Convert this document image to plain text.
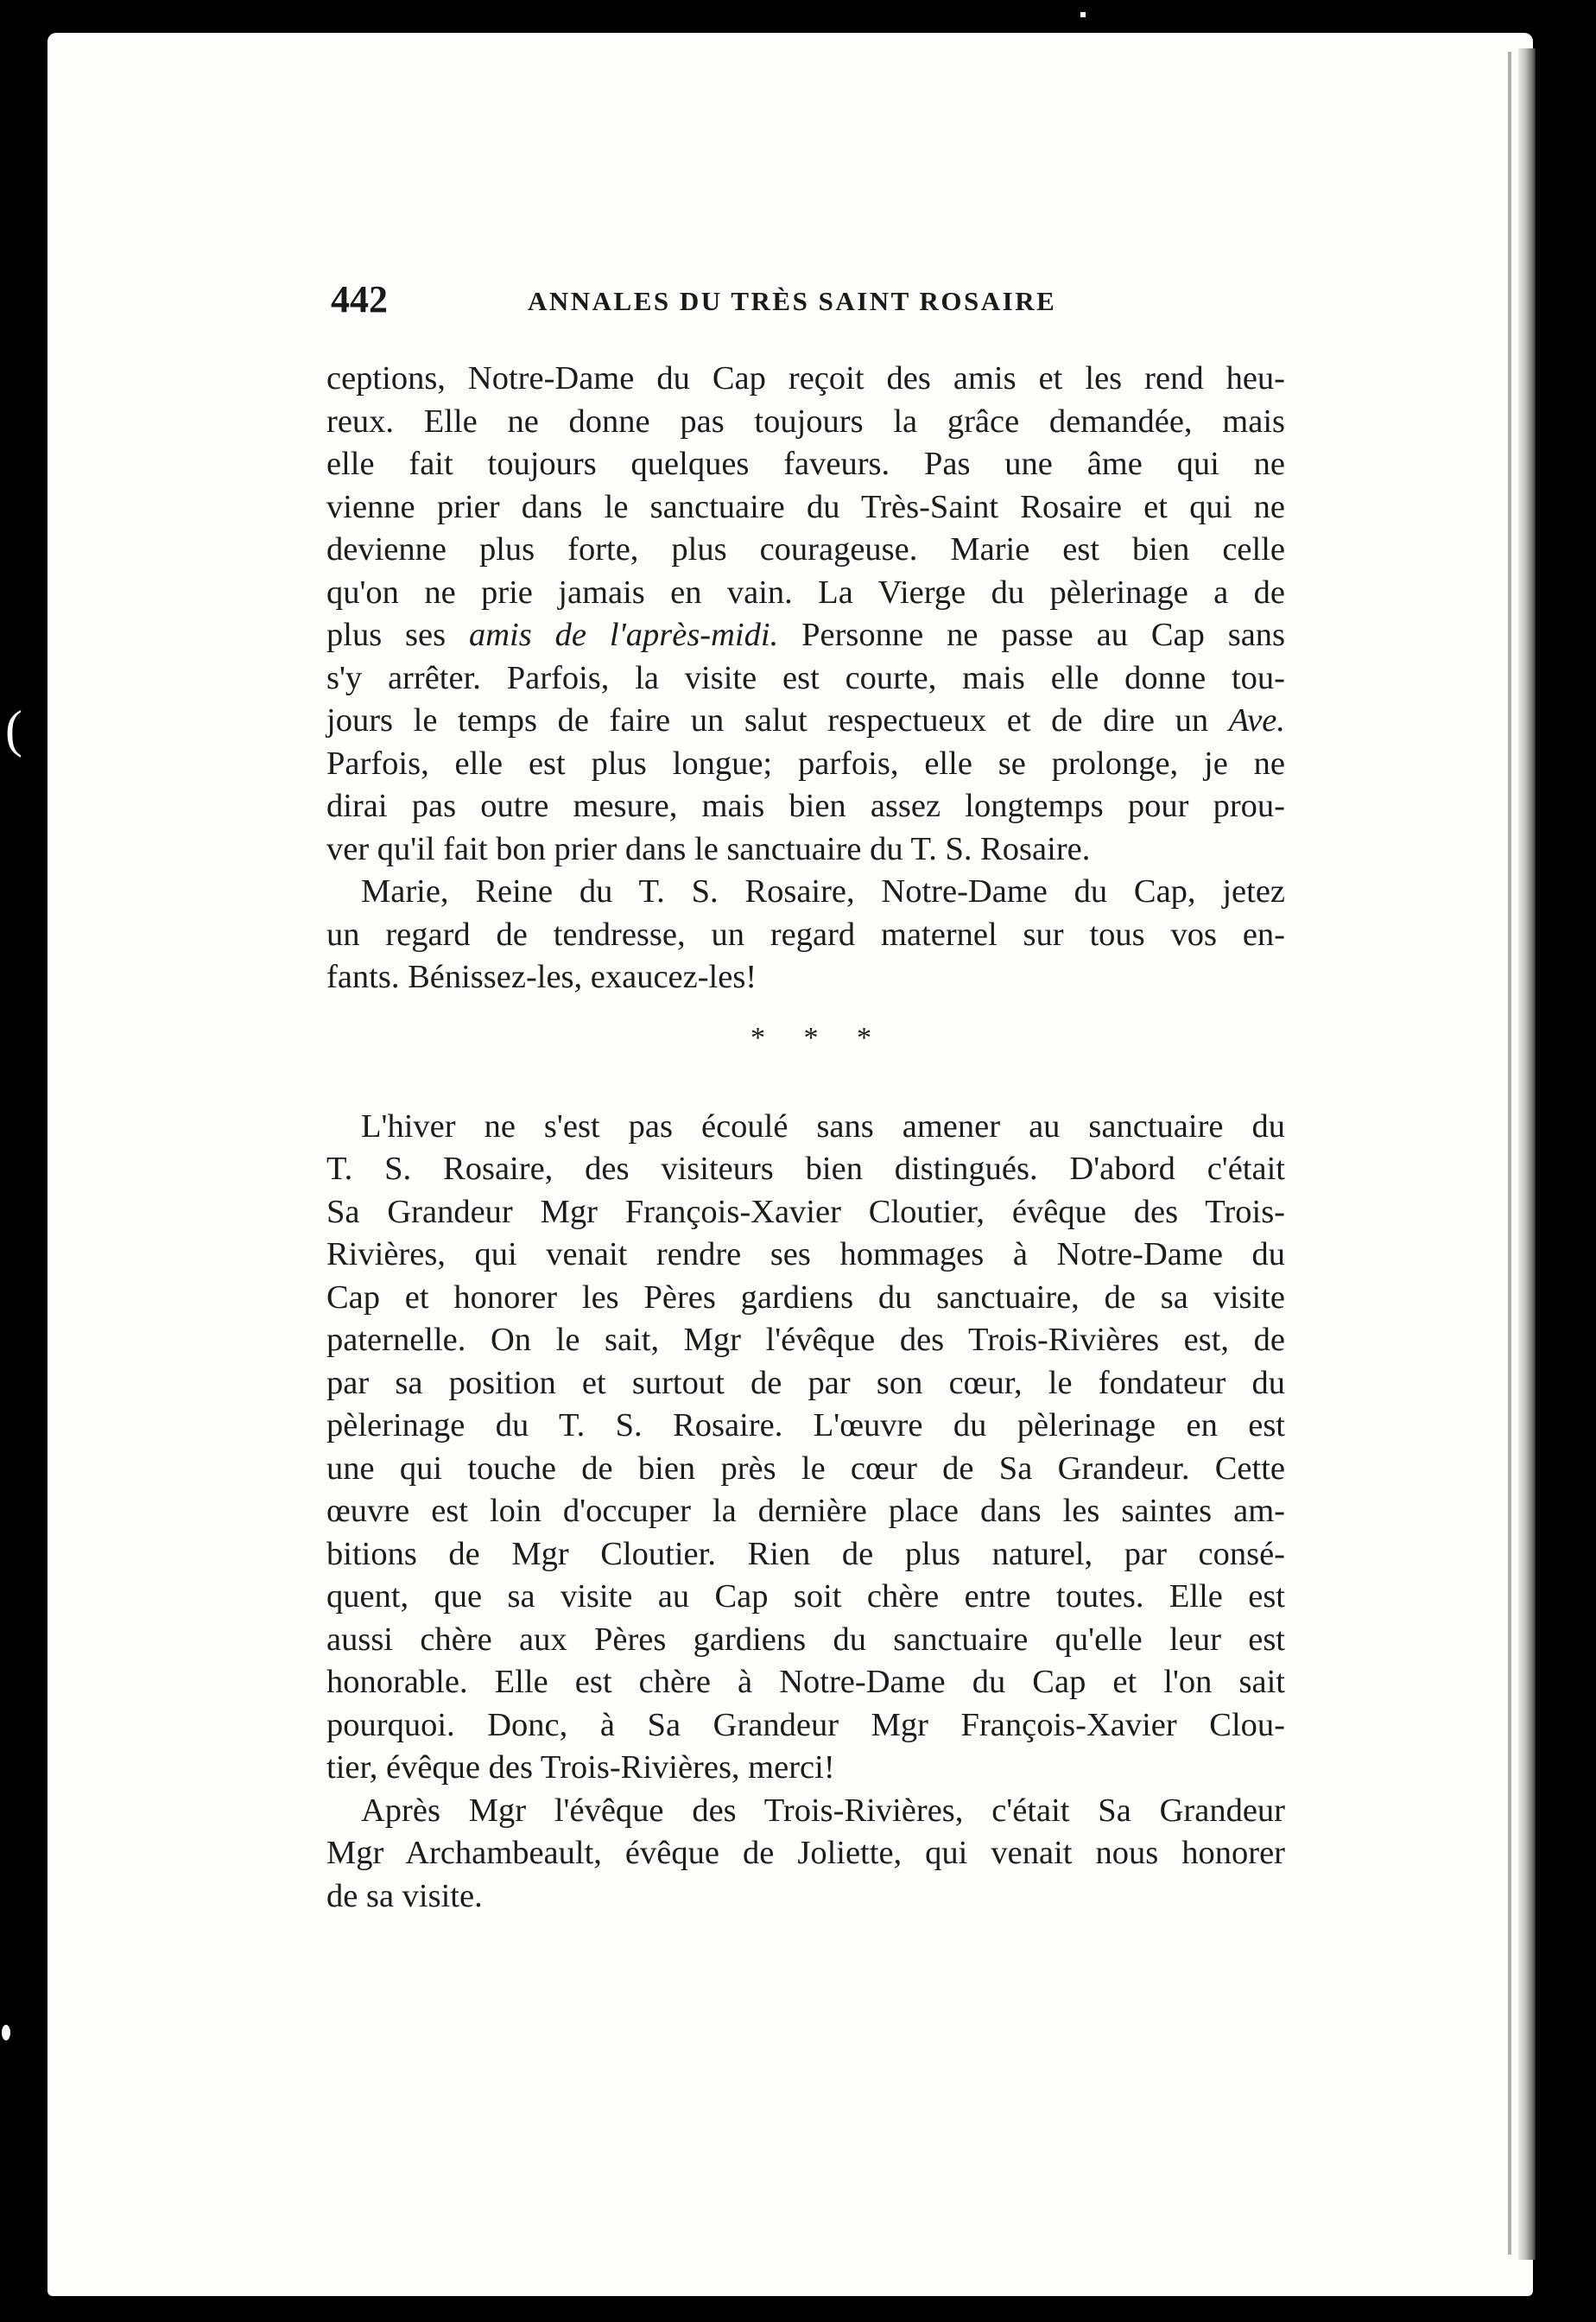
(
442	ANNALES DU TRÈS SAINT ROSAIRE

ceptions, Notre-Dame du Cap reçoit des amis et les rend heu-
reux. Elle ne donne pas toujours la grâce demandée, mais
elle fait toujours quelques faveurs. Pas une âme qui ne
vienne prier dans le sanctuaire du Très-Saint Rosaire et qui ne
devienne plus forte, plus courageuse. Marie est bien celle
qu'on ne prie jamais en vain. La Vierge du pèlerinage a de
plus ses amis de l'après-midi. Personne ne passe au Cap sans
s'y arrêter. Parfois, la visite est courte, mais elle donne tou-
jours le temps de faire un salut respectueux et de dire un Ave.
Parfois, elle est plus longue; parfois, elle se prolonge, je ne
dirai pas outre mesure, mais bien assez longtemps pour prou-
ver qu'il fait bon prier dans le sanctuaire du T. S. Rosaire.

Marie, Reine du T. S. Rosaire, Notre-Dame du Cap, jetez
un regard de tendresse, un regard maternel sur tous vos en-
fants. Bénissez-les, exaucez-les!

* * *

L'hiver ne s'est pas écoulé sans amener au sanctuaire du
T. S. Rosaire, des visiteurs bien distingués. D'abord c'était
Sa Grandeur Mgr François-Xavier Cloutier, évêque des Trois-
Rivières, qui venait rendre ses hommages à Notre-Dame du
Cap et honorer les Pères gardiens du sanctuaire, de sa visite
paternelle. On le sait, Mgr l'évêque des Trois-Rivières est, de
par sa position et surtout de par son cœur, le fondateur du
pèlerinage du T. S. Rosaire. L'œuvre du pèlerinage en est
une qui touche de bien près le cœur de Sa Grandeur. Cette
œuvre est loin d'occuper la dernière place dans les saintes am-
bitions de Mgr Cloutier. Rien de plus naturel, par consé-
quent, que sa visite au Cap soit chère entre toutes. Elle est
aussi chère aux Pères gardiens du sanctuaire qu'elle leur est
honorable. Elle est chère à Notre-Dame du Cap et l'on sait
pourquoi. Donc, à Sa Grandeur Mgr François-Xavier Clou-
tier, évêque des Trois-Rivières, merci!

Après Mgr l'évêque des Trois-Rivières, c'était Sa Grandeur
Mgr Archambeault, évêque de Joliette, qui venait nous honorer
de sa visite.
